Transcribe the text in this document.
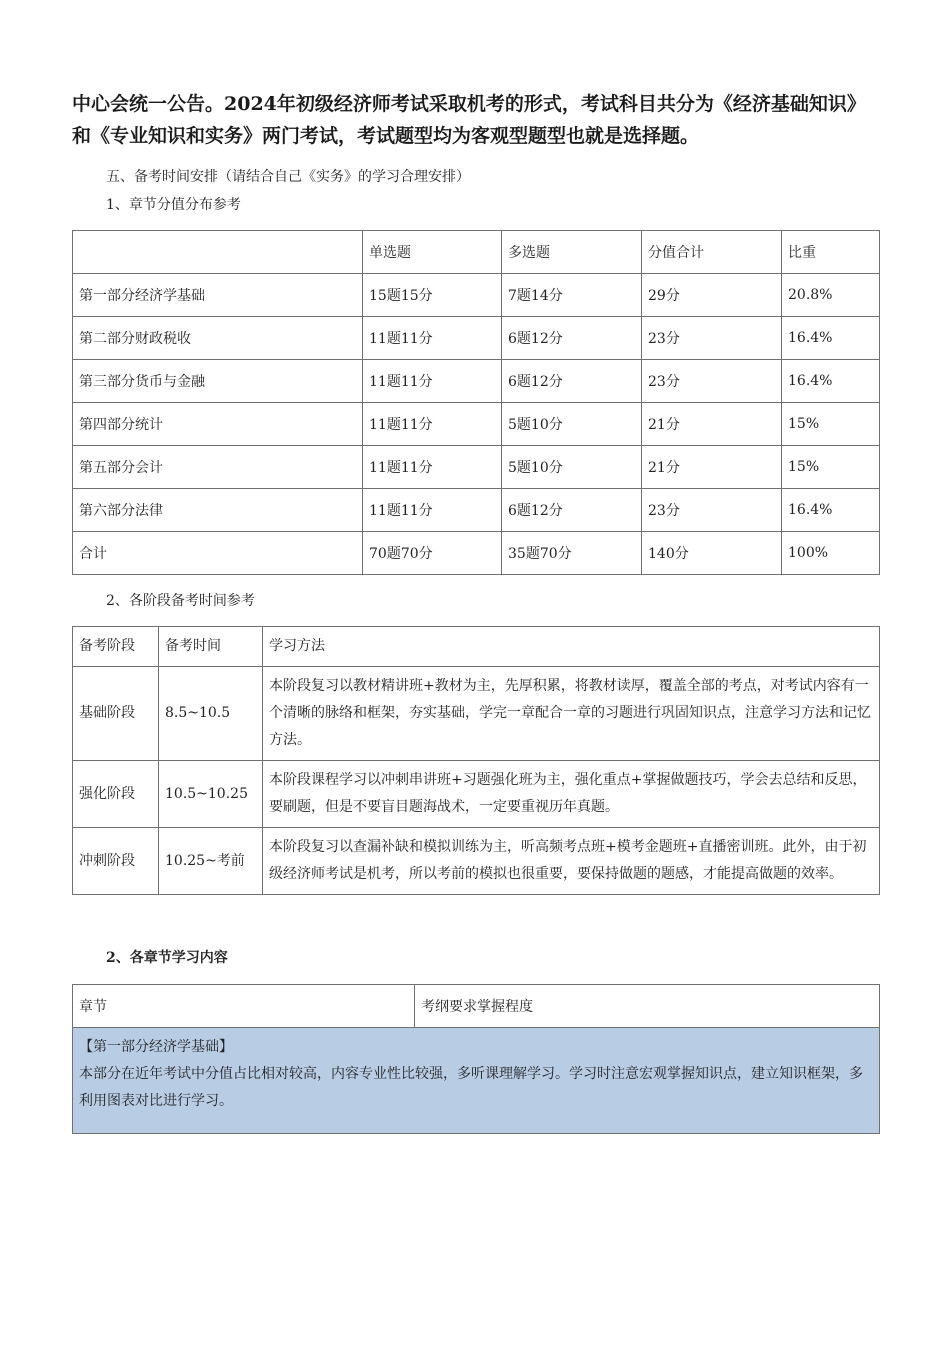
中心会统一公告。2024年初级经济师考试采取机考的形式，考试科目共分为《经济基础知识》和《专业知识和实务》两门考试，考试题型均为客观型题型也就是选择题。

五、备考时间安排（请结合自己《实务》的学习合理安排）

1、章节分值分布参考

	单选题	多选题	分值合计	比重
第一部分经济学基础	15题15分	7题14分	29分	20.8%
第二部分财政税收	11题11分	6题12分	23分	16.4%
第三部分货币与金融	11题11分	6题12分	23分	16.4%
第四部分统计	11题11分	5题10分	21分	15%
第五部分会计	11题11分	5题10分	21分	15%
第六部分法律	11题11分	6题12分	23分	16.4%
合计	70题70分	35题70分	140分	100%

2、各阶段备考时间参考

备考阶段	备考时间	学习方法
基础阶段	8.5~10.5	本阶段复习以教材精讲班+教材为主，先厚积累，将教材读厚，覆盖全部的考点，对考试内容有一个清晰的脉络和框架，夯实基础，学完一章配合一章的习题进行巩固知识点，注意学习方法和记忆方法。
强化阶段	10.5~10.25	本阶段课程学习以冲刺串讲班+习题强化班为主，强化重点+掌握做题技巧，学会去总结和反思，要刷题，但是不要盲目题海战术，一定要重视历年真题。
冲刺阶段	10.25~考前	本阶段复习以查漏补缺和模拟训练为主，听高频考点班+模考金题班+直播密训班。此外，由于初级经济师考试是机考，所以考前的模拟也很重要，要保持做题的题感，才能提高做题的效率。

2、各章节学习内容

章节	考纲要求掌握程度

【第一部分经济学基础】
本部分在近年考试中分值占比相对较高，内容专业性比较强，多听课理解学习。学习时注意宏观掌握知识点，建立知识框架，多利用图表对比进行学习。
